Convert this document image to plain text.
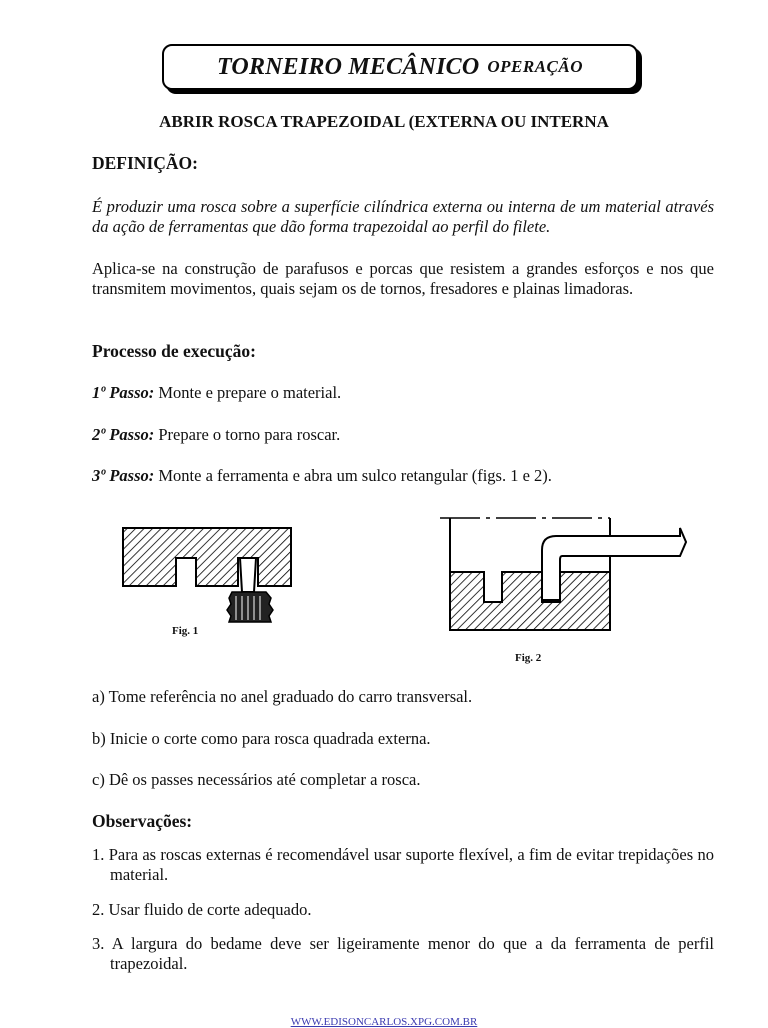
TORNEIRO MECÂNICO OPERAÇÃO
ABRIR ROSCA TRAPEZOIDAL (EXTERNA OU INTERNA
DEFINIÇÃO:
É produzir uma rosca sobre a superfície cilíndrica externa ou interna de um material através da ação de ferramentas que dão forma trapezoidal ao perfil do filete.
Aplica-se na construção de parafusos e porcas que resistem a grandes esforços e nos que transmitem movimentos, quais sejam os de tornos, fresadores e plainas limadoras.
Processo de execução:
1º Passo: Monte e prepare o material.
2º Passo: Prepare o torno para roscar.
3º Passo: Monte a ferramenta e abra um sulco retangular (figs. 1 e 2).
Fig. 1
Fig. 2
a) Tome referência no anel graduado do carro transversal.
b) Inicie o corte como para rosca quadrada externa.
c) Dê os passes necessários até completar a rosca.
Observações:
1. Para as roscas externas é recomendável usar suporte flexível, a fim de evitar trepidações no material.
2. Usar fluido de corte adequado.
3. A largura do bedame deve ser ligeiramente menor do que a da ferramenta de perfil trapezoidal.
WWW.EDISONCARLOS.XPG.COM.BR
